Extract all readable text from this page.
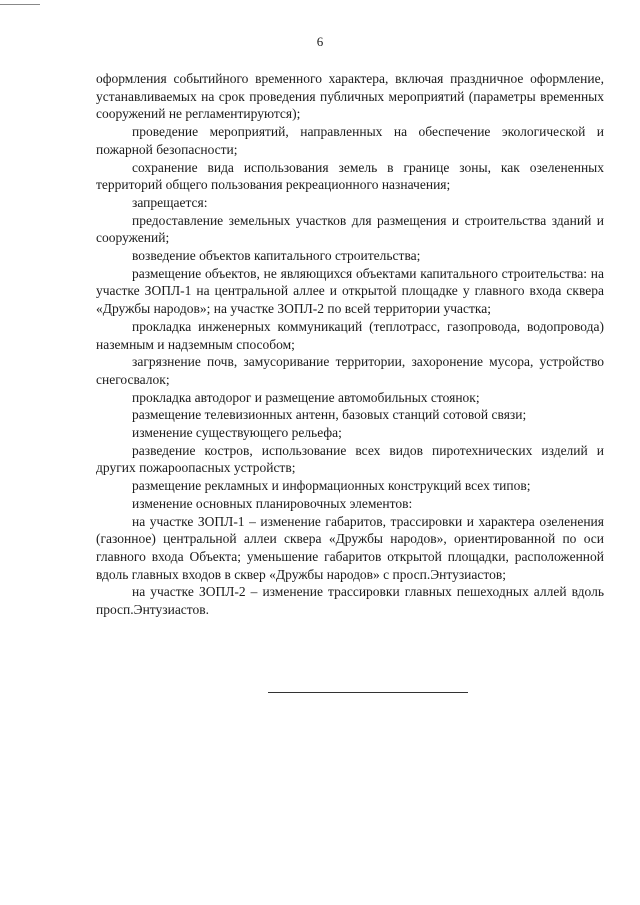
6

оформления событийного временного характера, включая праздничное оформление, устанавливаемых на срок проведения публичных мероприятий (параметры временных сооружений не регламентируются);

проведение мероприятий, направленных на обеспечение экологической и пожарной безопасности;

сохранение вида использования земель в границе зоны, как озелененных территорий общего пользования рекреационного назначения;

запрещается:

предоставление земельных участков для размещения и строительства зданий и сооружений;

возведение объектов капитального строительства;

размещение объектов, не являющихся объектами капитального строительства: на участке ЗОПЛ-1 на центральной аллее и открытой площадке у главного входа сквера «Дружбы народов»; на участке ЗОПЛ-2 по всей территории участка;

прокладка инженерных коммуникаций (теплотрасс, газопровода, водопровода) наземным и надземным способом;

загрязнение почв, замусоривание территории, захоронение мусора, устройство снегосвалок;

прокладка автодорог и размещение автомобильных стоянок;

размещение телевизионных антенн, базовых станций сотовой связи;

изменение существующего рельефа;

разведение костров, использование всех видов пиротехнических изделий и других пожароопасных устройств;

размещение рекламных и информационных конструкций всех типов;

изменение основных планировочных элементов:

на участке ЗОПЛ-1 – изменение габаритов, трассировки и характера озеленения (газонное) центральной аллеи сквера «Дружбы народов», ориентированной по оси главного входа Объекта; уменьшение габаритов открытой площадки, расположенной вдоль главных входов в сквер «Дружбы народов» с просп.Энтузиастов;

на участке ЗОПЛ-2 – изменение трассировки главных пешеходных аллей вдоль просп.Энтузиастов.
